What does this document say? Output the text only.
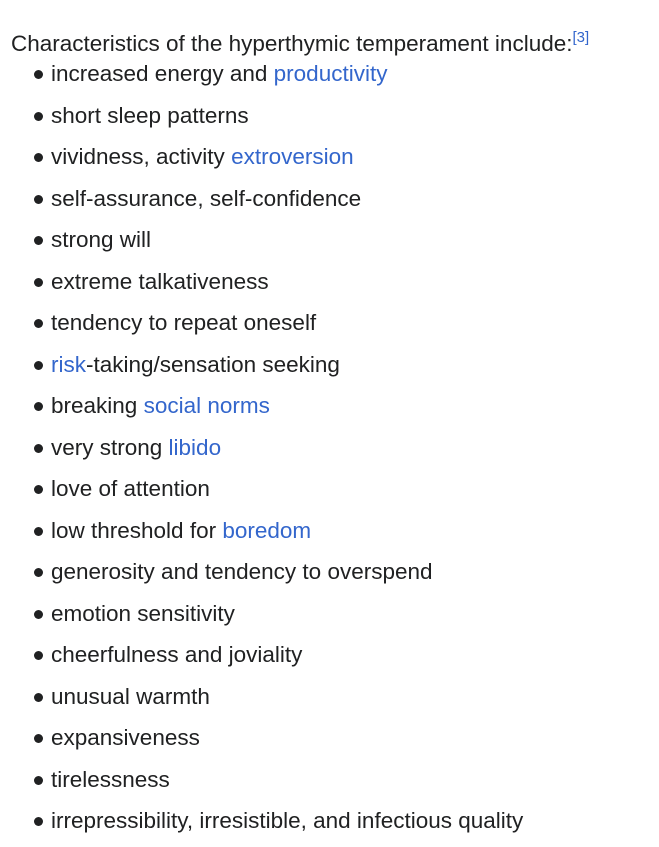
Characteristics of the hyperthymic temperament include:[3]

increased energy and productivity
short sleep patterns
vividness, activity extroversion
self-assurance, self-confidence
strong will
extreme talkativeness
tendency to repeat oneself
risk-taking/sensation seeking
breaking social norms
very strong libido
love of attention
low threshold for boredom
generosity and tendency to overspend
emotion sensitivity
cheerfulness and joviality
unusual warmth
expansiveness
tirelessness
irrepressibility, irresistible, and infectious quality
